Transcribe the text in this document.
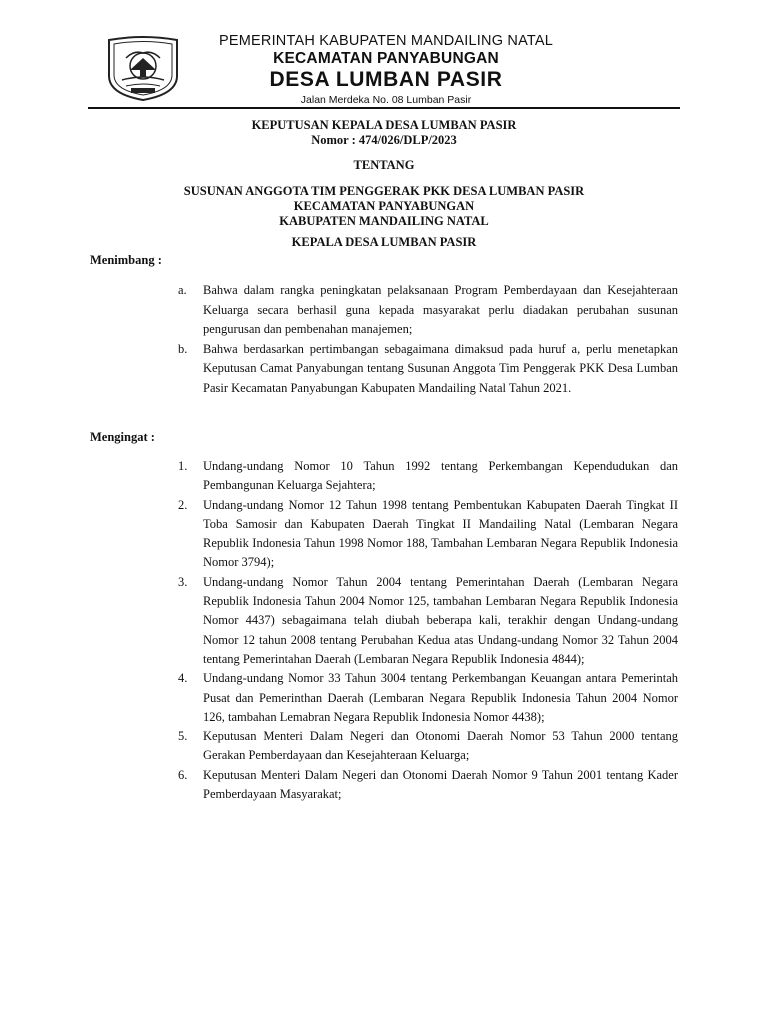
PEMERINTAH KABUPATEN MANDAILING NATAL
KECAMATAN PANYABUNGAN
DESA LUMBAN PASIR
Jalan Merdeka No. 08 Lumban Pasir
KEPUTUSAN KEPALA DESA LUMBAN PASIR
Nomor : 474/026/DLP/2023
TENTANG
SUSUNAN ANGGOTA TIM PENGGERAK PKK DESA LUMBAN PASIR
KECAMATAN PANYABUNGAN
KABUPATEN MANDAILING NATAL
KEPALA DESA LUMBAN PASIR
Menimbang :
a. Bahwa dalam rangka peningkatan pelaksanaan Program Pemberdayaan dan Kesejahteraan Keluarga secara berhasil guna kepada masyarakat perlu diadakan perubahan susunan pengurusan dan pembenahan manajemen;
b. Bahwa berdasarkan pertimbangan sebagaimana dimaksud pada huruf a, perlu menetapkan Keputusan Camat Panyabungan tentang Susunan Anggota Tim Penggerak PKK Desa Lumban Pasir Kecamatan Panyabungan Kabupaten Mandailing Natal Tahun 2021.
Mengingat :
1. Undang-undang Nomor 10 Tahun 1992 tentang Perkembangan Kependudukan dan Pembangunan Keluarga Sejahtera;
2. Undang-undang Nomor 12 Tahun 1998 tentang Pembentukan Kabupaten Daerah Tingkat II Toba Samosir dan Kabupaten Daerah Tingkat II Mandailing Natal (Lembaran Negara Republik Indonesia Tahun 1998 Nomor 188, Tambahan Lembaran Negara Republik Indonesia Nomor 3794);
3. Undang-undang Nomor Tahun 2004 tentang Pemerintahan Daerah (Lembaran Negara Republik Indonesia Tahun 2004 Nomor 125, tambahan Lembaran Negara Republik Indonesia Nomor 4437) sebagaimana telah diubah beberapa kali, terakhir dengan Undang-undang Nomor 12 tahun 2008 tentang Perubahan Kedua atas Undang-undang Nomor 32 Tahun 2004 tentang Pemerintahan Daerah (Lembaran Negara Republik Indonesia 4844);
4. Undang-undang Nomor 33 Tahun 3004 tentang Perkembangan Keuangan antara Pemerintah Pusat dan Pemerinthan Daerah (Lembaran Negara Republik Indonesia Tahun 2004 Nomor 126, tambahan Lemabran Negara Republik Indonesia Nomor 4438);
5. Keputusan Menteri Dalam Negeri dan Otonomi Daerah Nomor 53 Tahun 2000 tentang Gerakan Pemberdayaan dan Kesejahteraan Keluarga;
6. Keputusan Menteri Dalam Negeri dan Otonomi Daerah Nomor 9 Tahun 2001 tentang Kader Pemberdayaan Masyarakat;
